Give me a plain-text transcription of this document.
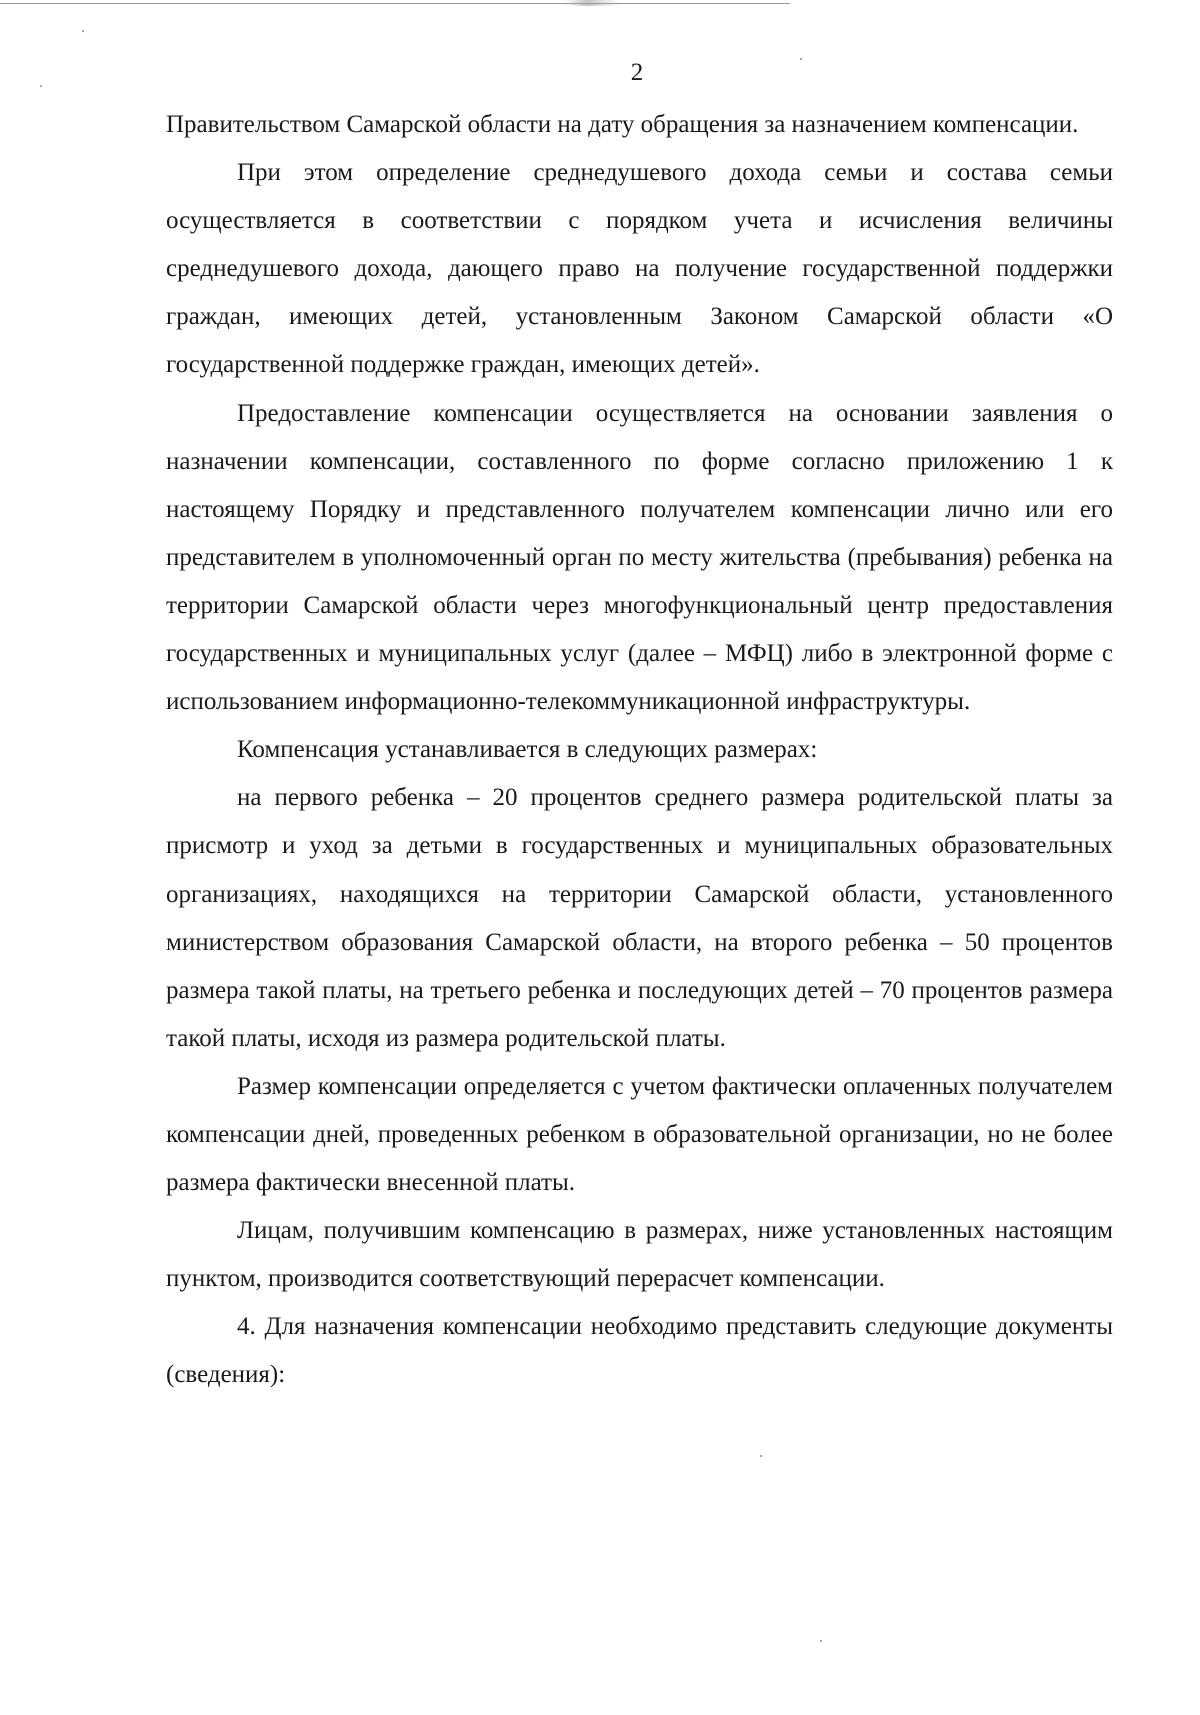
2

Правительством Самарской области на дату обращения за назначением компенсации.

При этом определение среднедушевого дохода семьи и состава семьи осуществляется в соответствии с порядком учета и исчисления величины среднедушевого дохода, дающего право на получение государственной поддержки граждан, имеющих детей, установленным Законом Самарской области «О государственной поддержке граждан, имеющих детей».

Предоставление компенсации осуществляется на основании заявления о назначении компенсации, составленного по форме согласно приложению 1 к настоящему Порядку и представленного получателем компенсации лично или его представителем в уполномоченный орган по месту жительства (пребывания) ребенка на территории Самарской области через многофункциональный центр предоставления государственных и муниципальных услуг (далее – МФЦ) либо в электронной форме с использованием информационно-телекоммуникационной инфраструктуры.

Компенсация устанавливается в следующих размерах:

на первого ребенка – 20 процентов среднего размера родительской платы за присмотр и уход за детьми в государственных и муниципальных образовательных организациях, находящихся на территории Самарской области, установленного министерством образования Самарской области, на второго ребенка – 50 процентов размера такой платы, на третьего ребенка и последующих детей – 70 процентов размера такой платы, исходя из размера родительской платы.

Размер компенсации определяется с учетом фактически оплаченных получателем компенсации дней, проведенных ребенком в образовательной организации, но не более размера фактически внесенной платы.

Лицам, получившим компенсацию в размерах, ниже установленных настоящим пунктом, производится соответствующий перерасчет компенсации.

4. Для назначения компенсации необходимо представить следующие документы (сведения):
